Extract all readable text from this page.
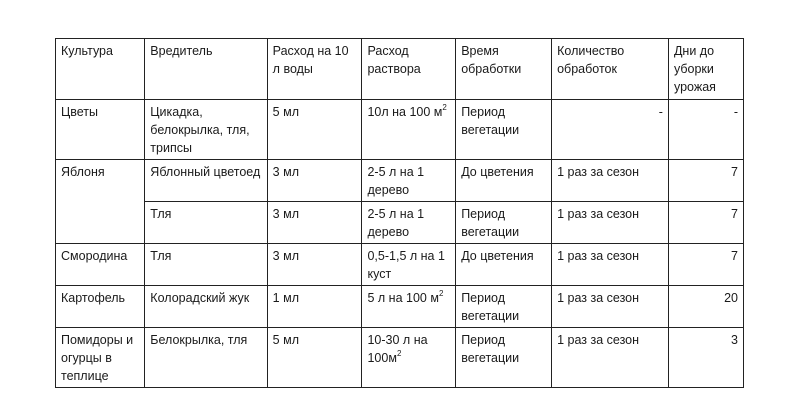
Культура	Вредитель	Расход на 10 л воды	Расход раствора	Время обработки	Количество обработок	Дни до уборки урожая
Цветы	Цикадка, белокрылка, тля, трипсы	5 мл	10л на 100 $м^2$	Период вегетации	-	-
Яблоня	Яблонный цветоед	3 мл	2-5 л на 1 дерево	До цветения	1 раз за сезон	7
	Тля	3 мл	2-5 л на 1 дерево	Период вегетации	1 раз за сезон	7
Смородина	Тля	3 мл	0,5-1,5 л на 1 куст	До цветения	1 раз за сезон	7
Картофель	Колорадский жук	1 мл	5 л на 100 $м^2$	Период вегетации	1 раз за сезон	20
Помидоры и огурцы в теплице	Белокрылка, тля	5 мл	10-30 л на $100м^2$	Период вегетации	1 раз за сезон	3
